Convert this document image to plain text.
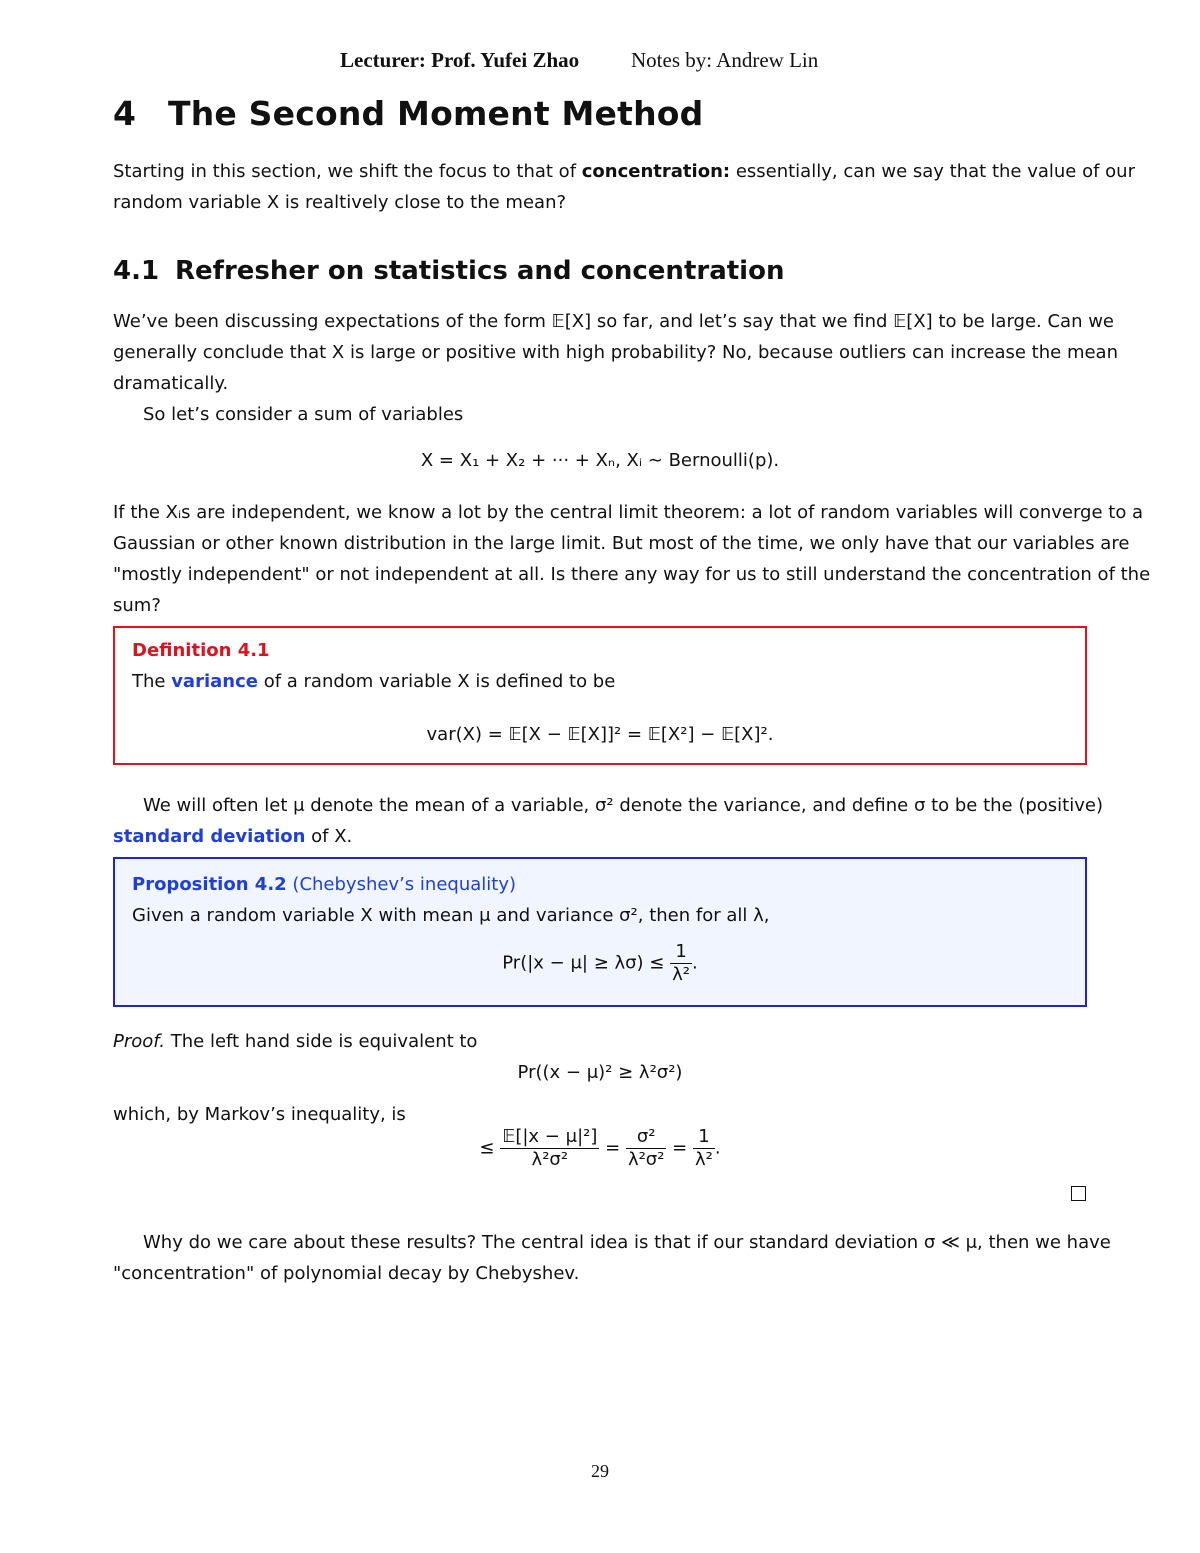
Lecturer: Prof. Yufei Zhao Notes by: Andrew Lin
4 The Second Moment Method
Starting in this section, we shift the focus to that of concentration: essentially, can we say that the value of our
random variable X is realtively close to the mean?
4.1 Refresher on statistics and concentration
We’ve been discussing expectations of the form 𝔼[X] so far, and let’s say that we find 𝔼[X] to be large. Can we
generally conclude that X is large or positive with high probability? No, because outliers can increase the mean
dramatically.
So let’s consider a sum of variables
X = X₁ + X₂ + ··· + Xₙ, Xᵢ ∼ Bernoulli(p).
If the Xᵢs are independent, we know a lot by the central limit theorem: a lot of random variables will converge to a
Gaussian or other known distribution in the large limit. But most of the time, we only have that our variables are
"mostly independent" or not independent at all. Is there any way for us to still understand the concentration of the
sum?
Definition 4.1
The variance of a random variable X is defined to be
var(X) = 𝔼[X − 𝔼[X]]² = 𝔼[X²] − 𝔼[X]².
We will often let μ denote the mean of a variable, σ² denote the variance, and define σ to be the (positive)
standard deviation of X.
Proposition 4.2 (Chebyshev’s inequality)
Given a random variable X with mean μ and variance σ², then for all λ,
$Pr(|x - \mu| \ge \lambda\sigma) \le \frac{1}{\text{λ²}}$ .
Proof. The left hand side is equivalent to
Pr((x − μ)² ≥ λ²σ²)
which, by Markov’s inequality, is
≤ $\frac{\text{𝔼[|x − μ|²]}}{\text{λ²σ²}} = \frac{\text{σ²}}{\text{λ²σ²}} = \frac{1}{\text{λ²}}$ .
Why do we care about these results? The central idea is that if our standard deviation σ ≪ μ, then we have
"concentration" of polynomial decay by Chebyshev.
29
